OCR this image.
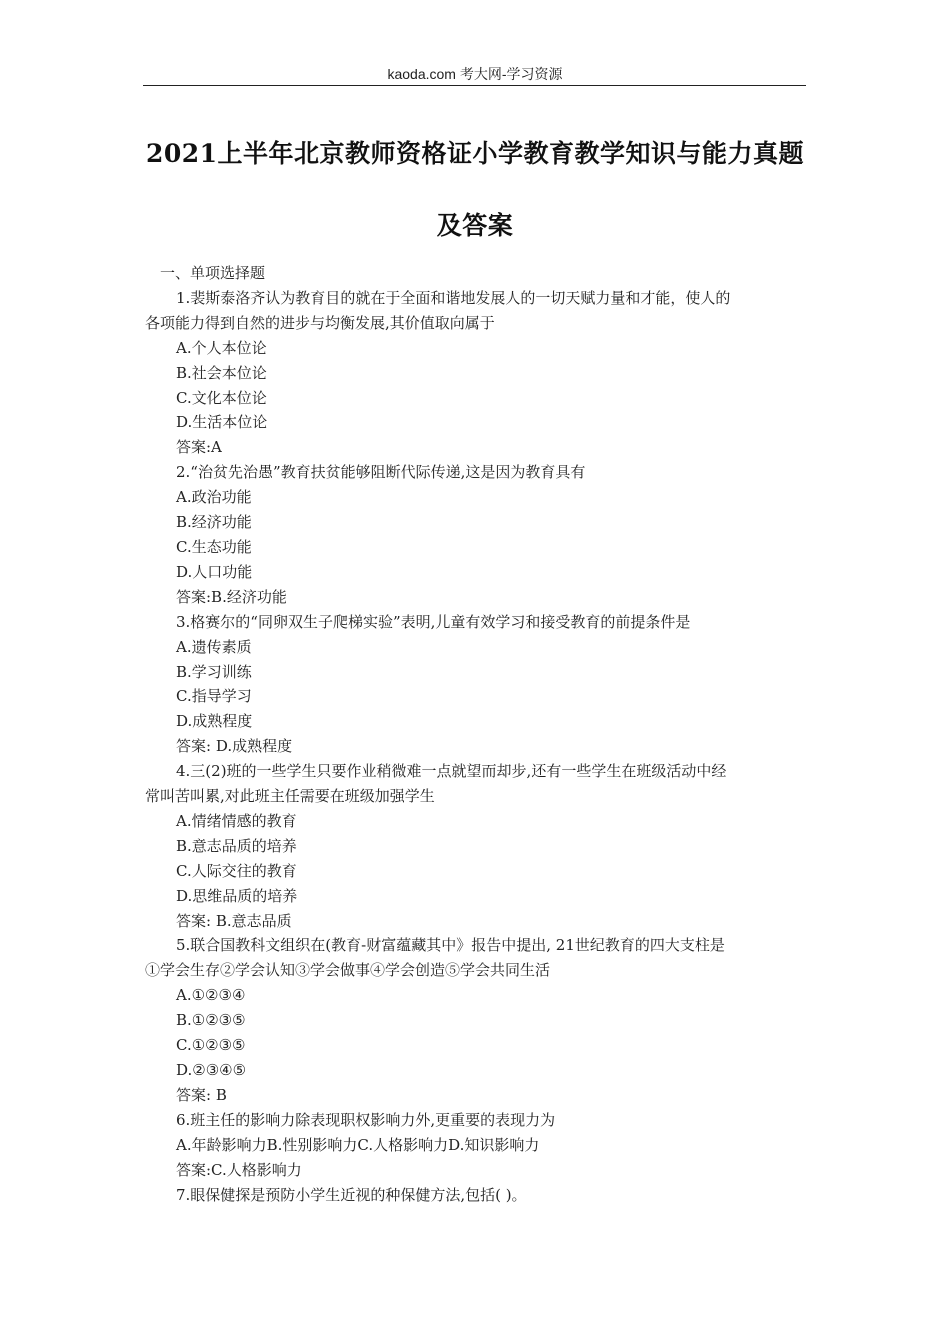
kaoda.com 考大网-学习资源
2021上半年北京教师资格证小学教育教学知识与能力真题
及答案
一、单项选择题
1.裴斯泰洛齐认为教育目的就在于全面和谐地发展人的一切天赋力量和才能，使人的
各项能力得到自然的进步与均衡发展,其价值取向属于
A.个人本位论
B.社会本位论
C.文化本位论
D.生活本位论
答案:A
2.“治贫先治愚”教育扶贫能够阻断代际传递,这是因为教育具有
A.政治功能
B.经济功能
C.生态功能
D.人口功能
答案:B.经济功能
3.格赛尔的“同卵双生子爬梯实验”表明,儿童有效学习和接受教育的前提条件是
A.遗传素质
B.学习训练
C.指导学习
D.成熟程度
答案: D.成熟程度
4.三(2)班的一些学生只要作业稍微难一点就望而却步,还有一些学生在班级活动中经
常叫苦叫累,对此班主任需要在班级加强学生
A.情绪情感的教育
B.意志品质的培养
C.人际交往的教育
D.思维品质的培养
答案: B.意志品质
5.联合国教科文组织在(教育-财富蕴藏其中》报告中提出, 21世纪教育的四大支柱是
①学会生存②学会认知③学会做事④学会创造⑤学会共同生活
A.①②③④
B.①②③⑤
C.①②③⑤
D.②③④⑤
答案: B
6.班主任的影响力除表现职权影响力外,更重要的表现力为
A.年龄影响力B.性别影响力C.人格影响力D.知识影响力
答案:C.人格影响力
7.眼保健探是预防小学生近视的种保健方法,包括( )。
